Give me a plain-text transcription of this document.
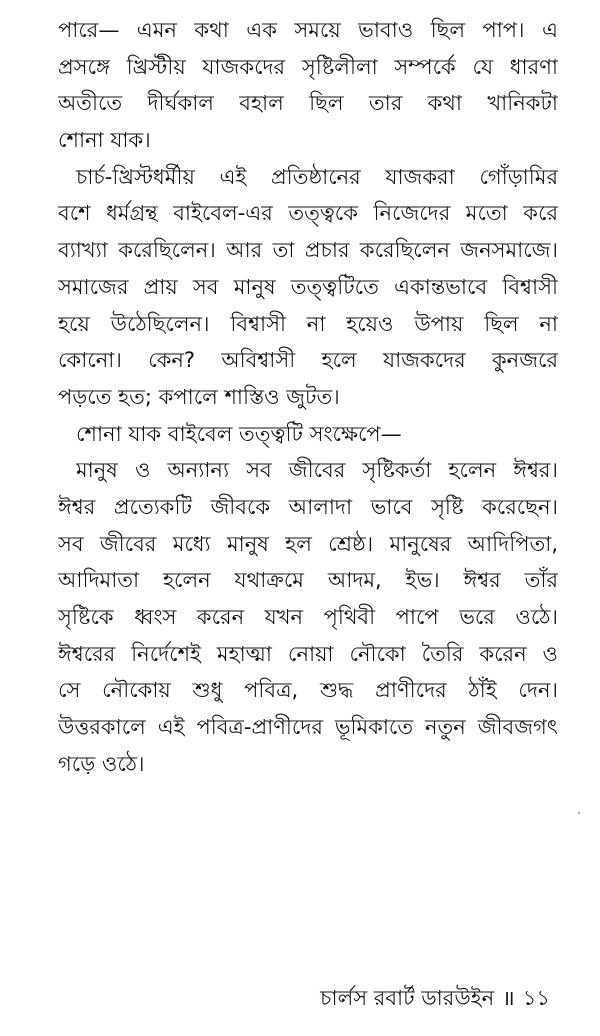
পারে— এমন কথা এক সময়ে ভাবাও ছিল পাপ। এ
প্রসঙ্গে খ্রিস্টীয় যাজকদের সৃষ্টিলীলা সম্পর্কে যে ধারণা
অতীতে দীর্ঘকাল বহাল ছিল তার কথা খানিকটা
শোনা যাক।
চার্চ-খ্রিস্টধর্মীয় এই প্রতিষ্ঠানের যাজকরা গোঁড়ামির
বশে ধর্মগ্রন্থ বাইবেল-এর তত্ত্বকে নিজেদের মতো করে
ব্যাখ্যা করেছিলেন। আর তা প্রচার করেছিলেন জনসমাজে।
সমাজের প্রায় সব মানুষ তত্ত্বটিতে একান্তভাবে বিশ্বাসী
হয়ে উঠেছিলেন। বিশ্বাসী না হয়েও উপায় ছিল না
কোনো। কেন? অবিশ্বাসী হলে যাজকদের কুনজরে
পড়তে হত; কপালে শাস্তিও জুটত।
শোনা যাক বাইবেল তত্ত্বটি সংক্ষেপে—
মানুষ ও অন্যান্য সব জীবের সৃষ্টিকর্তা হলেন ঈশ্বর।
ঈশ্বর প্রত্যেকটি জীবকে আলাদা ভাবে সৃষ্টি করেছেন।
সব জীবের মধ্যে মানুষ হল শ্রেষ্ঠ। মানুষের আদিপিতা,
আদিমাতা হলেন যথাক্রমে আদম, ইভ। ঈশ্বর তাঁর
সৃষ্টিকে ধ্বংস করেন যখন পৃথিবী পাপে ভরে ওঠে।
ঈশ্বরের নির্দেশেই মহাত্মা নোয়া নৌকো তৈরি করেন ও
সে নৌকোয় শুধু পবিত্র, শুদ্ধ প্রাণীদের ঠাঁই দেন।
উত্তরকালে এই পবিত্র-প্রাণীদের ভূমিকাতে নতুন জীবজগৎ
গড়ে ওঠে।
চার্লস রবার্ট ডারউইন ॥ ১১
